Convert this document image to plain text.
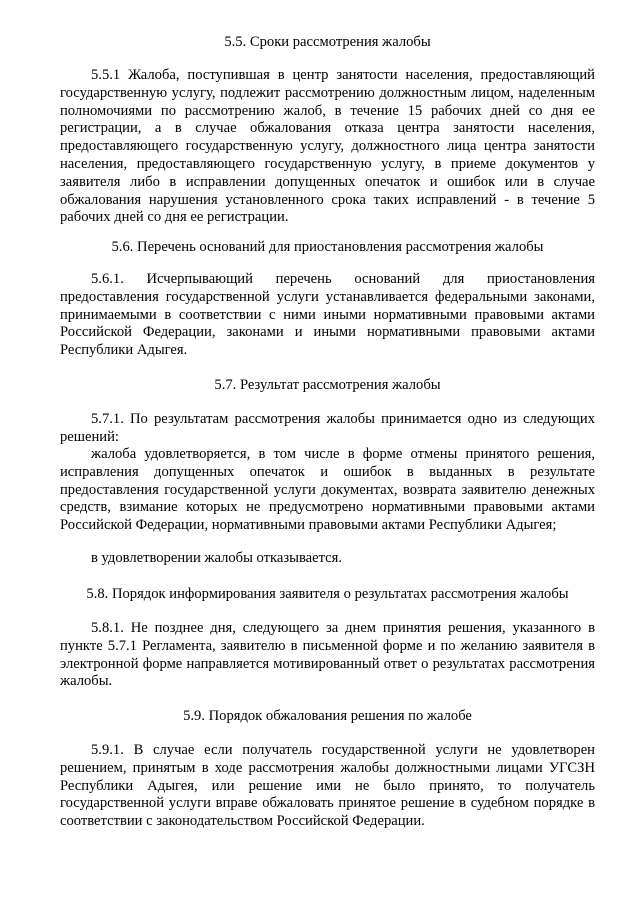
5.5. Сроки рассмотрения жалобы
5.5.1 Жалоба, поступившая в центр занятости населения, предоставляющий государственную услугу, подлежит рассмотрению должностным лицом, наделенным полномочиями по рассмотрению жалоб, в течение 15 рабочих дней со дня ее регистрации, а в случае обжалования отказа центра занятости населения, предоставляющего государственную услугу, должностного лица центра занятости населения, предоставляющего государственную услугу, в приеме документов у заявителя либо в исправлении допущенных опечаток и ошибок или в случае обжалования нарушения установленного срока таких исправлений - в течение 5 рабочих дней со дня ее регистрации.
5.6. Перечень оснований для приостановления рассмотрения жалобы
5.6.1. Исчерпывающий перечень оснований для приостановления предоставления государственной услуги устанавливается федеральными законами, принимаемыми в соответствии с ними иными нормативными правовыми актами Российской Федерации, законами и иными нормативными правовыми актами Республики Адыгея.
5.7. Результат рассмотрения жалобы
5.7.1. По результатам рассмотрения жалобы принимается одно из следующих решений:
жалоба удовлетворяется, в том числе в форме отмены принятого решения, исправления допущенных опечаток и ошибок в выданных в результате предоставления государственной услуги документах, возврата заявителю денежных средств, взимание которых не предусмотрено нормативными правовыми актами Российской Федерации, нормативными правовыми актами Республики Адыгея;
в удовлетворении жалобы отказывается.
5.8. Порядок информирования заявителя о результатах рассмотрения жалобы
5.8.1. Не позднее дня, следующего за днем принятия решения, указанного в пункте 5.7.1 Регламента, заявителю в письменной форме и по желанию заявителя в электронной форме направляется мотивированный ответ о результатах рассмотрения жалобы.
5.9. Порядок обжалования решения по жалобе
5.9.1. В случае если получатель государственной услуги не удовлетворен решением, принятым в ходе рассмотрения жалобы должностными лицами УГСЗН Республики Адыгея, или решение ими не было принято, то получатель государственной услуги вправе обжаловать принятое решение в судебном порядке в соответствии с законодательством Российской Федерации.
